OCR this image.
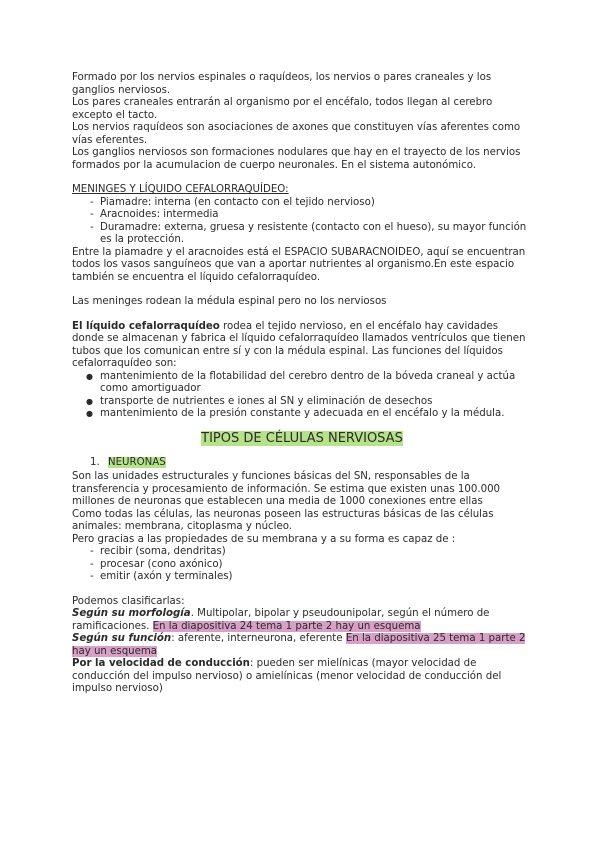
Formado por los nervios espinales o raquídeos, los nervios o pares craneales y los ganglios nerviosos.

Los pares craneales entrarán al organismo por el encéfalo, todos llegan al cerebro excepto el tacto.

Los nervios raquídeos son asociaciones de axones que constituyen vías aferentes como vías eferentes.

Los ganglios nerviosos son formaciones nodulares que hay en el trayecto de los nervios formados por la acumulacion de cuerpo neuronales. En el sistema autonómico.

MENINGES Y LÍQUIDO CEFALORRAQUÍDEO:

- Piamadre: interna (en contacto con el tejido nervioso)
- Aracnoides: intermedia
- Duramadre: externa, gruesa y resistente (contacto con el hueso), su mayor función es la protección.

Entre la piamadre y el aracnoides está el ESPACIO SUBARACNOIDEO, aquí se encuentran todos los vasos sanguíneos que van a aportar nutrientes al organismo.En este espacio también se encuentra el líquido cefalorraquídeo.

Las meninges rodean la médula espinal pero no los nerviosos

El líquido cefalorraquídeo rodea el tejido nervioso, en el encéfalo hay cavidades donde se almacenan y fabrica el líquido cefalorraquídeo llamados ventrículos que tienen tubos que los comunican entre sí y con la médula espinal. Las funciones del líquidos cefalorraquídeo son:

● mantenimiento de la flotabilidad del cerebro dentro de la bóveda craneal y actúa como amortiguador
● transporte de nutrientes e iones al SN y eliminación de desechos
● mantenimiento de la presión constante y adecuada en el encéfalo y la médula.
TIPOS DE CÉLULAS NERVIOSAS

1. NEURONAS

Son las unidades estructurales y funciones básicas del SN, responsables de la transferencia y procesamiento de información. Se estima que existen unas 100.000 millones de neuronas que establecen una media de 1000 conexiones entre ellas

Como todas las células, las neuronas poseen las estructuras básicas de las células animales: membrana, citoplasma y núcleo.

Pero gracias a las propiedades de su membrana y a su forma es capaz de :

- recibir (soma, dendritas)
- procesar (cono axónico)
- emitir (axón y terminales)

Podemos clasificarlas:

Según su morfología. Multipolar, bipolar y pseudounipolar, según el número de ramificaciones. En la diapositiva 24 tema 1 parte 2 hay un esquema

Según su función: aferente, interneurona, eferente En la diapositiva 25 tema 1 parte 2 hay un esquema

Por la velocidad de conducción: pueden ser mielínicas (mayor velocidad de conducción del impulso nervioso) o amielínicas (menor velocidad de conducción del impulso nervioso)
